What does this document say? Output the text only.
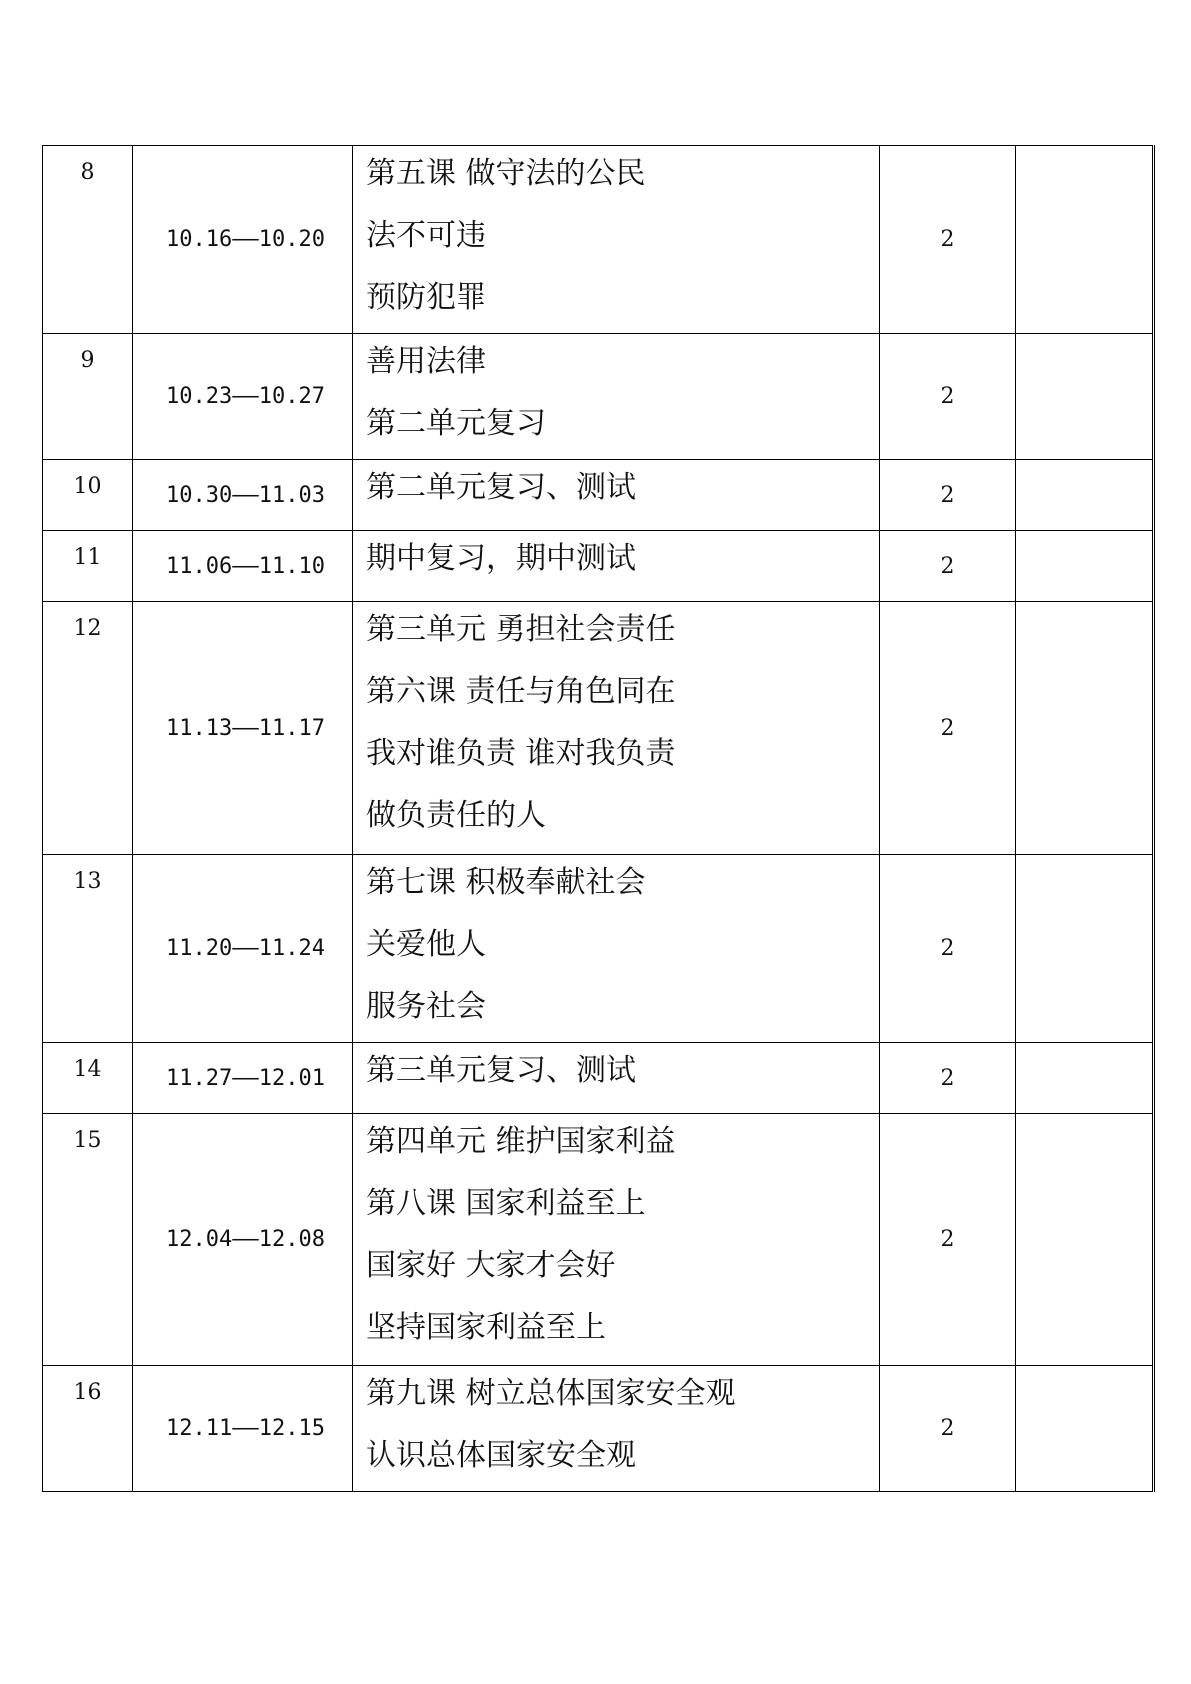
8	10.16——10.20	第五课 做守法的公民
法不可违
预防犯罪	2	

9	10.23——10.27	善用法律
第二单元复习	2	

10	10.30——11.03	第二单元复习、测试	2	

11	11.06——11.10	期中复习，期中测试	2	

12	11.13——11.17	第三单元 勇担社会责任
第六课 责任与角色同在
我对谁负责 谁对我负责
做负责任的人	2	

13	11.20——11.24	第七课 积极奉献社会
关爱他人
服务社会	2	

14	11.27——12.01	第三单元复习、测试	2	

15	12.04——12.08	第四单元 维护国家利益
第八课 国家利益至上
国家好 大家才会好
坚持国家利益至上	2	

16	12.11——12.15	第九课 树立总体国家安全观
认识总体国家安全观	2	
